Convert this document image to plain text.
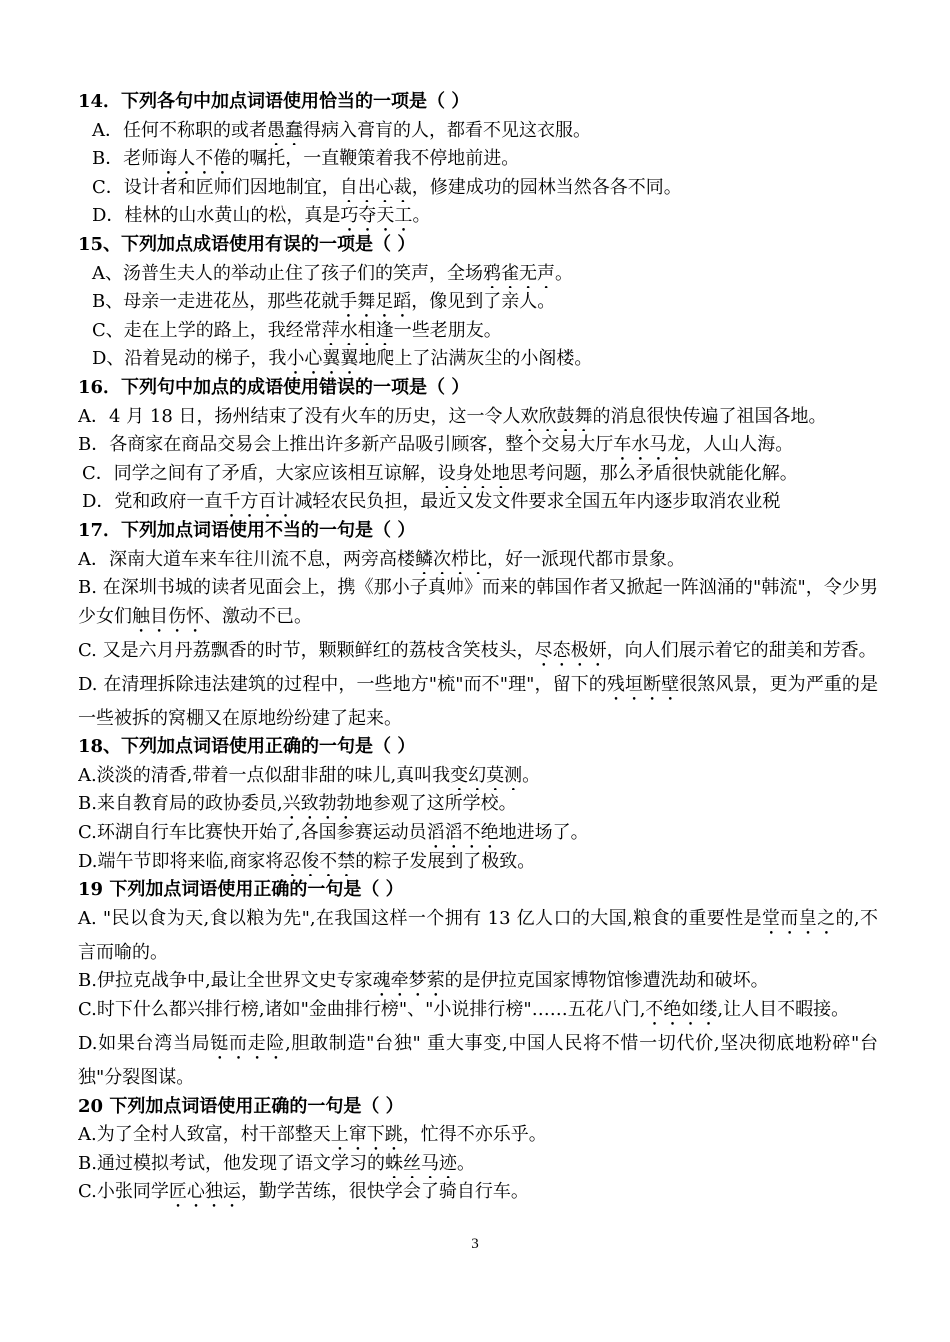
14．下列各句中加点词语使用恰当的一项是（ ）
A．任何不称职的或者愚蠢得病入膏肓的人，都看不见这衣服。
B．老师诲人不倦的嘱托，一直鞭策着我不停地前进。
C．设计者和匠师们因地制宜，自出心裁，修建成功的园林当然各各不同。
D．桂林的山水黄山的松，真是巧夺天工。
15、下列加点成语使用有误的一项是（ ）
A、汤普生夫人的举动止住了孩子们的笑声，全场鸦雀无声。
B、母亲一走进花丛，那些花就手舞足蹈，像见到了亲人。
C、走在上学的路上，我经常萍水相逢一些老朋友。
D、沿着晃动的梯子，我小心翼翼地爬上了沾满灰尘的小阁楼。
16．下列句中加点的成语使用错误的一项是（ ）
A．4 月 18 日，扬州结束了没有火车的历史，这一令人欢欣鼓舞的消息很快传遍了祖国各地。
B．各商家在商品交易会上推出许多新产品吸引顾客，整个交易大厅车水马龙，人山人海。
C．同学之间有了矛盾，大家应该相互谅解，设身处地思考问题，那么矛盾很快就能化解。
D．党和政府一直千方百计减轻农民负担，最近又发文件要求全国五年内逐步取消农业税
17．下列加点词语使用不当的一句是（ ）
A．深南大道车来车往川流不息，两旁高楼鳞次栉比，好一派现代都市景象。
B. 在深圳书城的读者见面会上，携《那小子真帅》而来的韩国作者又掀起一阵汹涌的"韩流"，令少男少女们触目伤怀、激动不已。
C. 又是六月丹荔飘香的时节，颗颗鲜红的荔枝含笑枝头，尽态极妍，向人们展示着它的甜美和芳香。
D. 在清理拆除违法建筑的过程中，一些地方"梳"而不"理"，留下的残垣断壁很煞风景，更为严重的是一些被拆的窝棚又在原地纷纷建了起来。
18、下列加点词语使用正确的一句是（ ）
A.淡淡的清香,带着一点似甜非甜的味儿,真叫我变幻莫测。
B.来自教育局的政协委员,兴致勃勃地参观了这所学校。
C.环湖自行车比赛快开始了,各国参赛运动员滔滔不绝地进场了。
D.端午节即将来临,商家将忍俊不禁的粽子发展到了极致。
19 下列加点词语使用正确的一句是（ ）
A. "民以食为天,食以粮为先",在我国这样一个拥有 13 亿人口的大国,粮食的重要性是堂而皇之的,不言而喻的。
B.伊拉克战争中,最让全世界文史专家魂牵梦萦的是伊拉克国家博物馆惨遭洗劫和破坏。
C.时下什么都兴排行榜,诸如"金曲排行榜"、"小说排行榜"……五花八门,不绝如缕,让人目不暇接。
D.如果台湾当局铤而走险,胆敢制造"台独" 重大事变,中国人民将不惜一切代价,坚决彻底地粉碎"台独"分裂图谋。
20 下列加点词语使用正确的一句是（ ）
A.为了全村人致富，村干部整天上窜下跳，忙得不亦乐乎。
B.通过模拟考试，他发现了语文学习的蛛丝马迹。
C.小张同学匠心独运，勤学苦练，很快学会了骑自行车。
3
